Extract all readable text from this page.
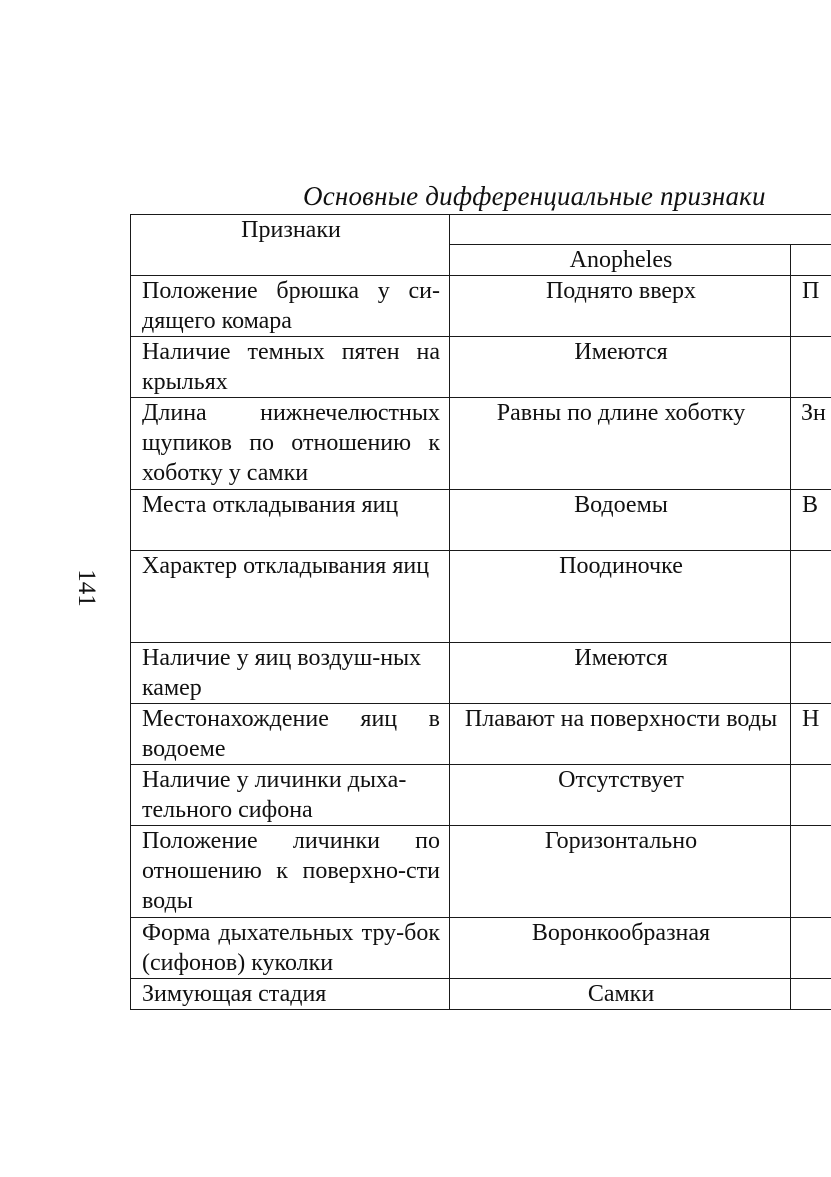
Основные дифференциальные признаки
141
Признаки		
	Anopheles	
Положение брюшка у си-дящего комара	Поднято вверх	П
Наличие темных пятен на крыльях	Имеются	
Длина нижнечелюстных щупиков по отношению к хоботку у самки	Равны по длине хоботку	Зн
Места откладывания яиц	Водоемы	В
Характер откладывания яиц	Поодиночке	
Наличие у яиц воздуш-ных камер	Имеются	
Местонахождение яиц в водоеме	Плавают на поверхности воды	Н
Наличие у личинки дыха-тельного сифона	Отсутствует	
Положение личинки по отношению к поверхно-сти воды	Горизонтально	
Форма дыхательных тру-бок (сифонов) куколки	Воронкообразная	
Зимующая стадия	Самки	
